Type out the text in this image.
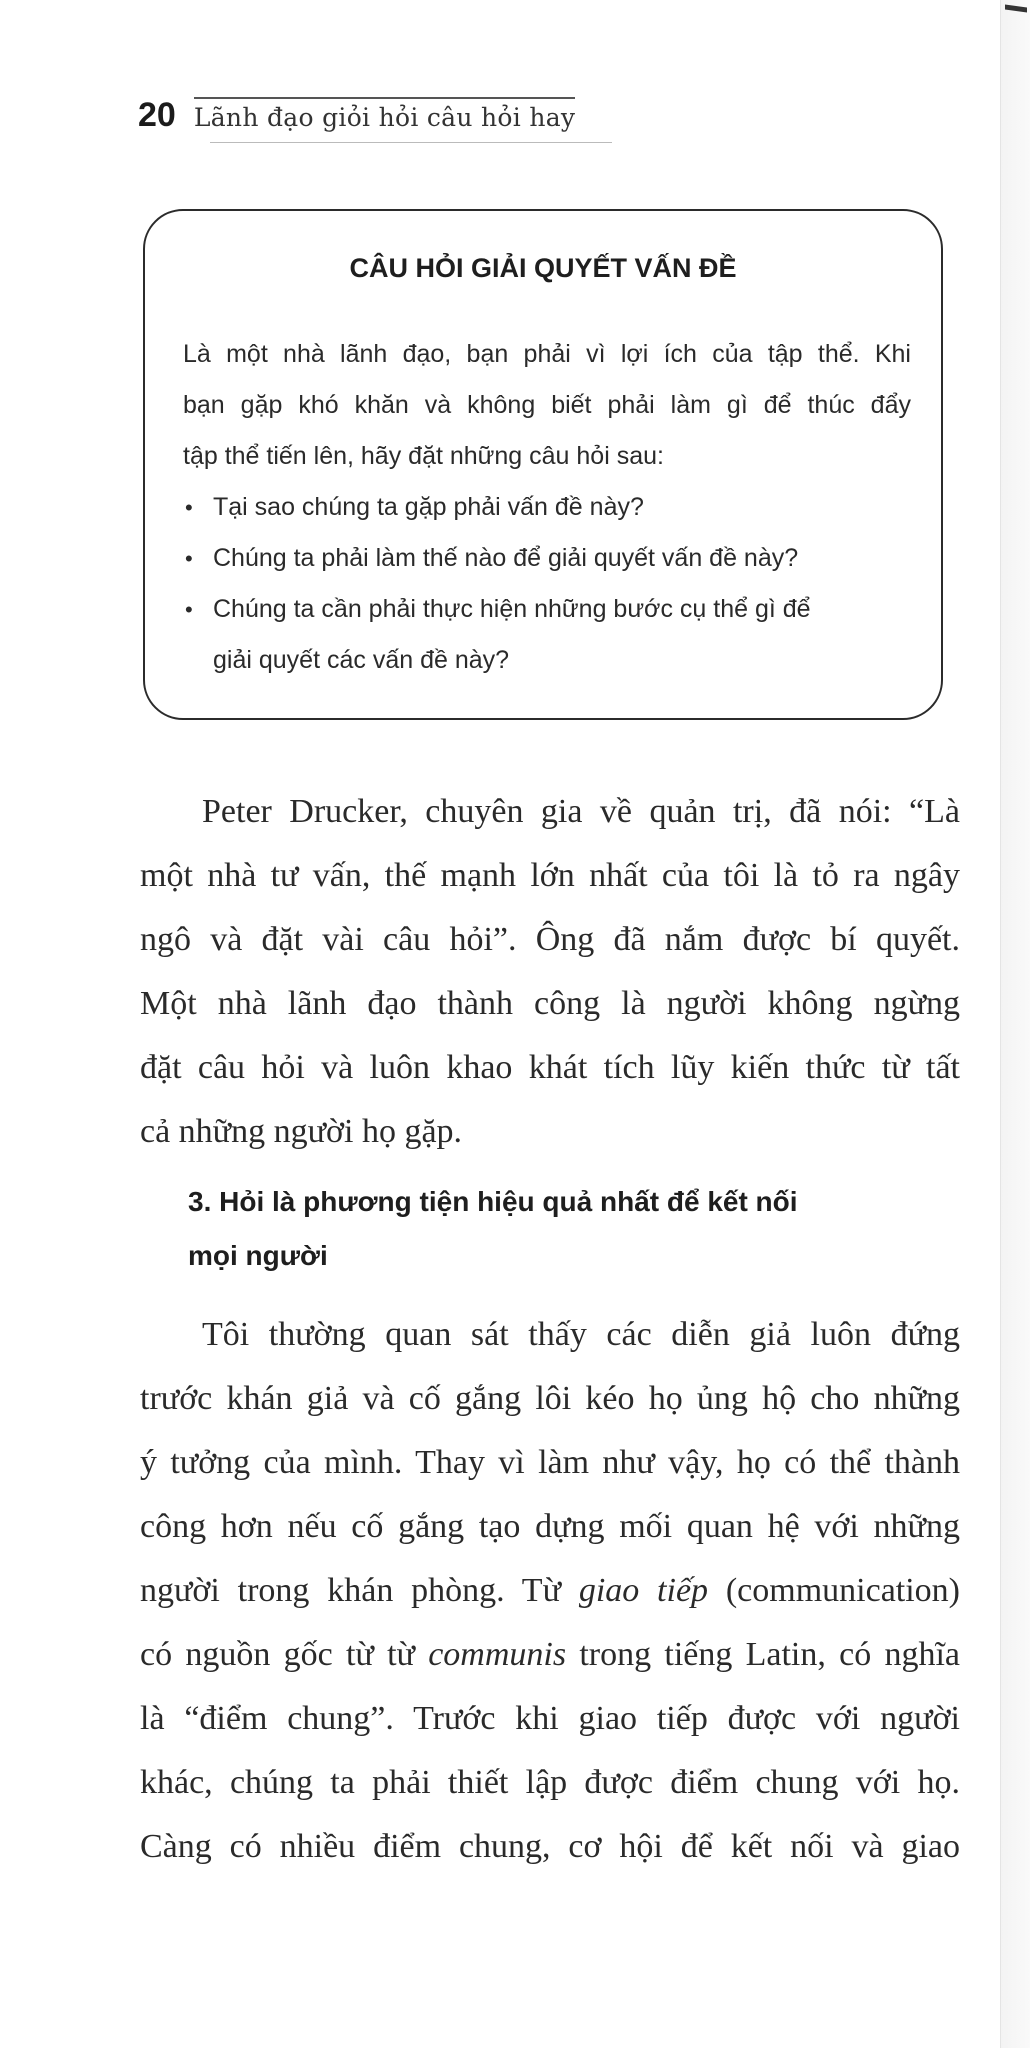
20 Lãnh đạo giỏi hỏi câu hỏi hay
CÂU HỎI GIẢI QUYẾT VẤN ĐỀ
Là một nhà lãnh đạo, bạn phải vì lợi ích của tập thể. Khi
bạn gặp khó khăn và không biết phải làm gì để thúc đẩy
tập thể tiến lên, hãy đặt những câu hỏi sau:
• Tại sao chúng ta gặp phải vấn đề này?
• Chúng ta phải làm thế nào để giải quyết vấn đề này?
• Chúng ta cần phải thực hiện những bước cụ thể gì để
giải quyết các vấn đề này?
Peter Drucker, chuyên gia về quản trị, đã nói: “Là
một nhà tư vấn, thế mạnh lớn nhất của tôi là tỏ ra ngây
ngô và đặt vài câu hỏi”. Ông đã nắm được bí quyết.
Một nhà lãnh đạo thành công là người không ngừng
đặt câu hỏi và luôn khao khát tích lũy kiến thức từ tất
cả những người họ gặp.
3. Hỏi là phương tiện hiệu quả nhất để kết nối
mọi người
Tôi thường quan sát thấy các diễn giả luôn đứng
trước khán giả và cố gắng lôi kéo họ ủng hộ cho những
ý tưởng của mình. Thay vì làm như vậy, họ có thể thành
công hơn nếu cố gắng tạo dựng mối quan hệ với những
người trong khán phòng. Từ giao tiếp (communication)
có nguồn gốc từ từ communis trong tiếng Latin, có nghĩa
là “điểm chung”. Trước khi giao tiếp được với người
khác, chúng ta phải thiết lập được điểm chung với họ.
Càng có nhiều điểm chung, cơ hội để kết nối và giao
